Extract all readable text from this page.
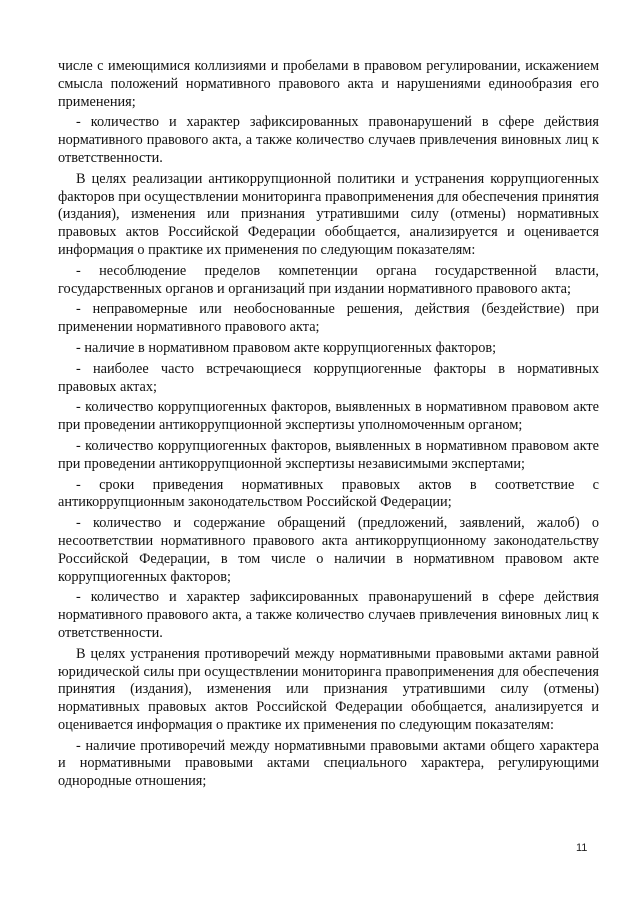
числе с имеющимися коллизиями и пробелами в правовом регулировании, искажением смысла положений нормативного правового акта и нарушениями единообразия его применения;

- количество и характер зафиксированных правонарушений в сфере действия нормативного правового акта, а также количество случаев привлечения виновных лиц к ответственности.

В целях реализации антикоррупционной политики и устранения коррупциогенных факторов при осуществлении мониторинга правоприменения для обеспечения принятия (издания), изменения или признания утратившими силу (отмены) нормативных правовых актов Российской Федерации обобщается, анализируется и оценивается информация о практике их применения по следующим показателям:

- несоблюдение пределов компетенции органа государственной власти, государственных органов и организаций при издании нормативного правового акта;

- неправомерные или необоснованные решения, действия (бездействие) при применении нормативного правового акта;

- наличие в нормативном правовом акте коррупциогенных факторов;

- наиболее часто встречающиеся коррупциогенные факторы в нормативных правовых актах;

- количество коррупциогенных факторов, выявленных в нормативном правовом акте при проведении антикоррупционной экспертизы уполномоченным органом;

- количество коррупциогенных факторов, выявленных в нормативном правовом акте при проведении антикоррупционной экспертизы независимыми экспертами;

- сроки приведения нормативных правовых актов в соответствие с антикоррупционным законодательством Российской Федерации;

- количество и содержание обращений (предложений, заявлений, жалоб) о несоответствии нормативного правового акта антикоррупционному законодательству Российской Федерации, в том числе о наличии в нормативном правовом акте коррупциогенных факторов;

- количество и характер зафиксированных правонарушений в сфере действия нормативного правового акта, а также количество случаев привлечения виновных лиц к ответственности.

В целях устранения противоречий между нормативными правовыми актами равной юридической силы при осуществлении мониторинга правоприменения для обеспечения принятия (издания), изменения или признания утратившими силу (отмены) нормативных правовых актов Российской Федерации обобщается, анализируется и оценивается информация о практике их применения по следующим показателям:

- наличие противоречий между нормативными правовыми актами общего характера и нормативными правовыми актами специального характера, регулирующими однородные отношения;

11
